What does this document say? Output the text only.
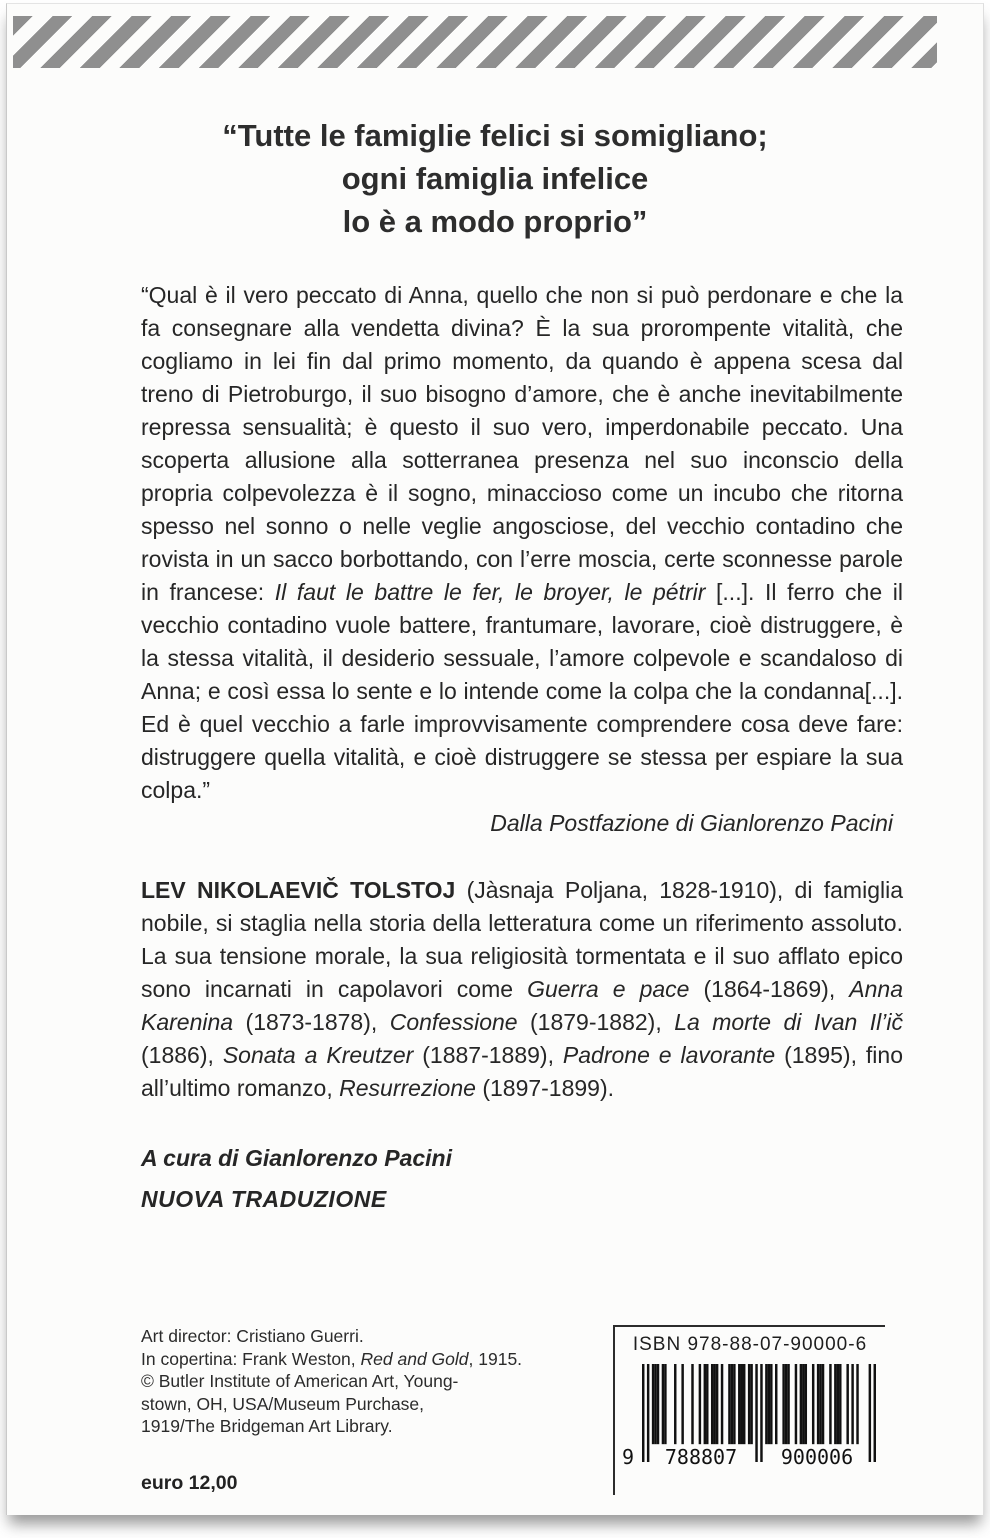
“Tutte le famiglie felici si somigliano;
ogni famiglia infelice
lo è a modo proprio”
“Qual è il vero peccato di Anna, quello che non si può perdonare e che la fa consegnare alla vendetta divina? È la sua prorompente vitalità, che cogliamo in lei fin dal primo momento, da quando è appena scesa dal treno di Pietroburgo, il suo bisogno d’amore, che è anche inevitabilmente repressa sensualità; è questo il suo vero, imperdonabile peccato. Una scoperta allusione alla sotterranea presenza nel suo inconscio della propria colpevolezza è il sogno, minaccioso come un incubo che ritorna spesso nel sonno o nelle veglie angosciose, del vecchio contadino che rovista in un sacco borbottando, con l’erre moscia, certe sconnesse parole in francese: Il faut le battre le fer, le broyer, le pétrir [...]. Il ferro che il vecchio contadino vuole battere, frantumare, lavorare, cioè distruggere, è la stessa vitalità, il desiderio sessuale, l’amore colpevole e scandaloso di Anna; e così essa lo sente e lo intende come la colpa che la condanna[...]. Ed è quel vecchio a farle improvvisamente comprendere cosa deve fare: distruggere quella vitalità, e cioè distruggere se stessa per espiare la sua colpa.”
Dalla Postfazione di Gianlorenzo Pacini
LEV NIKOLAEVIČ TOLSTOJ (Jàsnaja Poljana, 1828-1910), di famiglia nobile, si staglia nella storia della letteratura come un riferimento assoluto. La sua tensione morale, la sua religiosità tormentata e il suo afflato epico sono incarnati in capolavori come Guerra e pace (1864-1869), Anna Karenina (1873-1878), Confessione (1879-1882), La morte di Ivan Il’ič (1886), Sonata a Kreutzer (1887-1889), Padrone e lavorante (1895), fino all’ultimo romanzo, Resurrezione (1897-1899).
A cura di Gianlorenzo Pacini
NUOVA TRADUZIONE
Art director: Cristiano Guerri.
In copertina: Frank Weston, Red and Gold, 1915.
© Butler Institute of American Art, Young-
stown, OH, USA/Museum Purchase,
1919/The Bridgeman Art Library.
euro 12,00
ISBN 978-88-07-90000-6
9	788807	900006
